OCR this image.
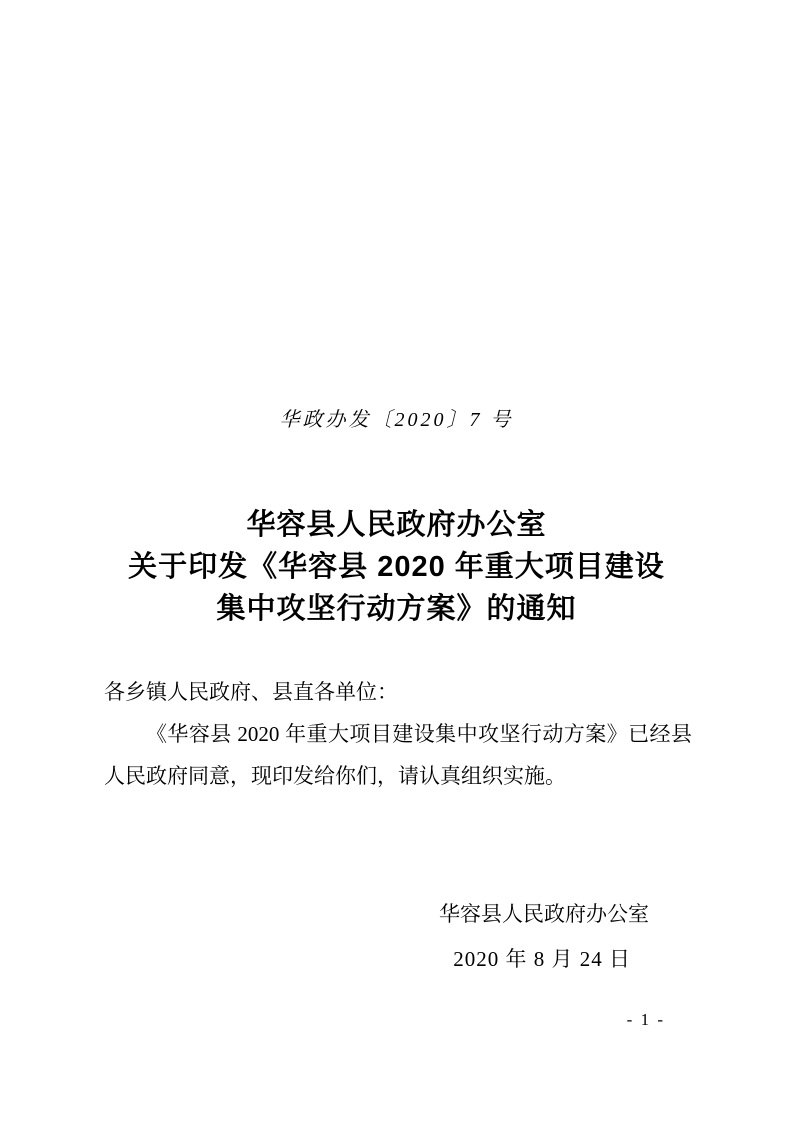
华政办发〔2020〕7 号
华容县人民政府办公室
关于印发《华容县 2020 年重大项目建设
集中攻坚行动方案》的通知

各乡镇人民政府、县直各单位：

《华容县 2020 年重大项目建设集中攻坚行动方案》已经县人民政府同意，现印发给你们，请认真组织实施。

华容县人民政府办公室
2020 年 8 月 24 日
- 1 -
